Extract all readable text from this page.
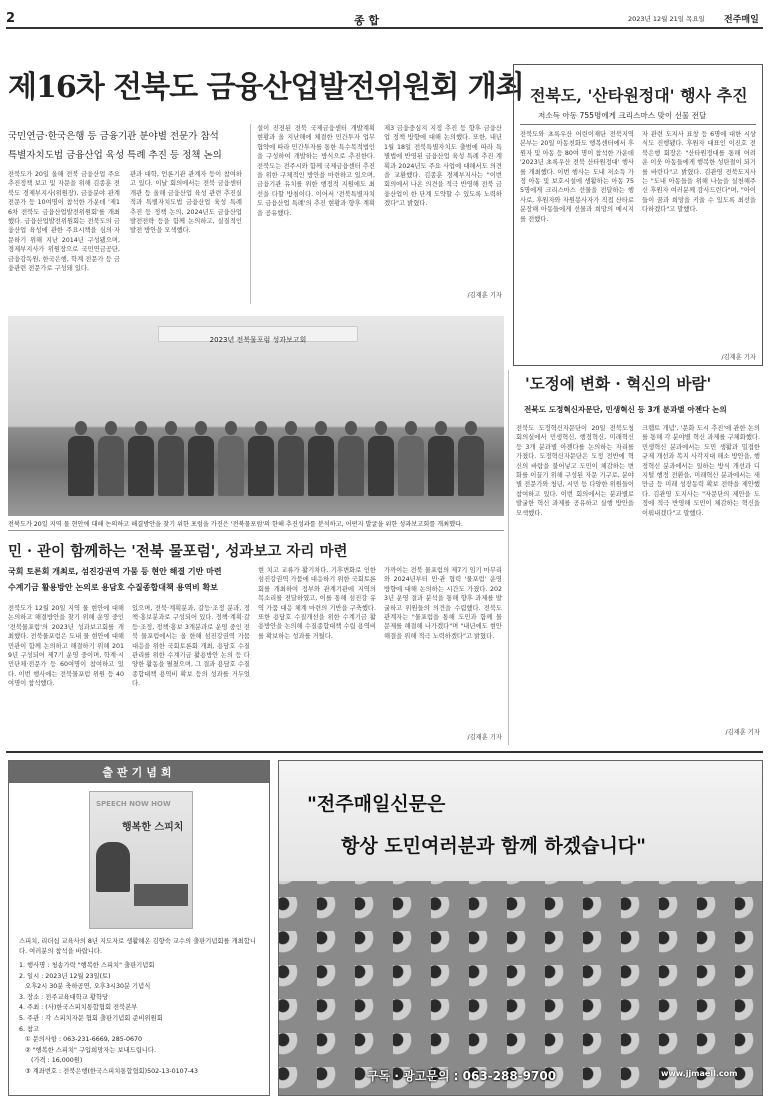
2	종 합	2023년 12월 21일 목요일 전주매일
제16차 전북도 금융산업발전위원회 개최
국민연금·한국은행 등 금융기관 분야별 전문가 참석
특별자치도법 금융산업 육성 특례 추진 등 정책 논의
전북도가 20일 올해 전북 금융산업 주요 추진정책 보고 및 자문을 위해 김종훈 전북도 경제부지사(위원장), 금융분야 관계 전문가 등 10여명이 참석한 가운데 '제16차 전북도 금융산업발전위원회'를 개최했다. 금융산업발전위원회는 전북도의 금융산업 육성에 관한 주요시책을 심의·자문하기 위해 지난 2014년 구성됐으며, 경제부지사가 위원장으로 국민연금공단, 금융감독원, 한국은행, 학계 전문가 등 금융관련 전문가로 구성돼 있다.
관과 대학, 언론기관 관계자 등이 참여하고 있다. 이날 회의에서는 전북 금융센터 개관 등 올해 금융산업 육성 관련 추진실적과 특별자치도법 금융산업 육성 특례 추진 등 정책 논의, 2024년도 금융산업 발전전략 등을 함께 논의하고, 실질적인 발전 방안을 모색했다.
설이 진전된 전북 국제금융센터 개발계획 현황과 올 지난해에 체결한 민간투자 업무협약에 따라 민간투자를 통한 특수목적법인을 구성하여 개발하는 방식으로 추진한다. 전북도는 전주시와 함께 국제금융센터 추진을 위한 구체적인 방안을 마련하고 있으며, 금융기관 유치를 위한 행정적 지원에도 최선을 다할 방침이다. 이어서 '전북특별자치도 금융산업 특례'의 추진 현황과 향후 계획을 공유했다.
제3 금융중심지 지정 추진 등 향후 금융산업 정책 방향에 대해 논의했다. 또한, 내년 1월 18일 전북특별자치도 출범에 따라 특별법에 반영된 금융산업 육성 특례 추진 계획과 2024년도 주요 사업에 대해서도 의견을 교환했다. 김종훈 경제부지사는 "이번 회의에서 나온 의견을 적극 반영해 전북 금융산업이 한 단계 도약할 수 있도록 노력하겠다"고 밝혔다.
/김재훈 기자
전북도, '산타원정대' 행사 추진
저소득 아동 755명에게 크리스마스 맞이 선물 전달
전북도와 초록우산 어린이재단 전북지역본부는 20일 아동친화도 행복센터에서 후원자 및 아동 등 80여 명이 참석한 가운데 '2023년 초록우산 전북 산타원정대' 행사를 개최했다. 이번 행사는 도내 저소득 가정 아동 및 보호시설에 생활하는 아동 755명에게 크리스마스 선물을 전달하는 행사로, 후원자와 자원봉사자가 직접 산타로 분장해 아동들에게 선물과 희망의 메시지를 전했다.
자 관련 도지사 표창 등 6명에 대한 시상식도 진행됐다. 후원자 대표인 이진호 전북은행 회장은 "산타원정대를 통해 어려운 이웃 아동들에게 행복한 성탄절이 되기를 바란다"고 밝혔다. 김관영 전북도지사는 "도내 아동들을 위해 나눔을 실천해주신 후원자 여러분께 감사드린다"며, "아이들이 꿈과 희망을 키울 수 있도록 최선을 다하겠다"고 말했다.
/김재훈 기자
2023년 전북물포럼 성과보고회
전북도가 20일 지역 물 현안에 대해 논의하고 해결방안을 찾기 위한 포럼을 가진은 '전북물포럼'의 한해 추진성과를 분석하고, 어떤지 발굴을 위한 성과보고회를 개최했다.
민 · 관이 함께하는 '전북 물포럼', 성과보고 자리 마련
국회 토론회 개최로, 섬진강권역 가뭄 등 현안 해결 기반 마련
수계기금 활용방안 논의로 용담호 수질종합대책 용역비 확보
전북도가 12월 20일 지역 물 현안에 대해 논의하고 해결방안을 찾기 위해 운영 중인 '전북물포럼'의 2023년 성과보고회를 개최했다. 전북물포럼은 도내 물 현안에 대해 민관이 함께 논의하고 해결하기 위해 2019년 구성되어 제7기 운영 중이며, 학계·시민단체·전문가 등 60여명이 참여하고 있다. 이번 행사에는 전북물포럼 위원 등 40여명이 참석했다.
있으며, 전북·계획분과, 갈등·조정 분과, 정책·홍보분과로 구성되어 있다. 정책·계획·갈등·조정, 정책·홍보 3개분과로 운영 중인 전북 물포럼에서는 올 한해 섬진강권역 가뭄 대응을 위한 국회토론회 개최, 용담호 수질관리를 위한 수계기금 활용방안 논의 등 다양한 활동을 펼쳤으며, 그 결과 용담호 수질종합대책 용역비 확보 등의 성과를 거두었다.
현 치고 교류가 활기차다. 기후변화로 인한 섬진강권역 가뭄에 대응하기 위한 국회토론회를 개최하여 정부와 관계기관에 지역의 목소리를 전달하였고, 이를 통해 섬진강 유역 가뭄 대응 체계 마련의 기반을 구축했다. 또한 용담호 수질개선을 위한 수계기금 활용방안을 논의해 수질종합대책 수립 용역비를 확보하는 성과를 거뒀다.
가까이는 전북 물포럼의 제7기 임기 마무리와 2024년부터 민·관 협력 '물포럼' 운영 방향에 대해 논의하는 시간도 가졌다. 2023년 운영 결과 분석을 통해 향후 과제를 발굴하고 위원들의 의견을 수렴했다. 전북도 관계자는 "물포럼을 통해 도민과 함께 물 문제를 해결해 나가겠다"며 "내년에도 현안 해결을 위해 적극 노력하겠다"고 밝혔다.
/김재훈 기자
'도정에 변화 · 혁신의 바람'
전북도 도정혁신자문단, 민생혁신 등 3개 분과별 아젠다 논의
전북도 도정혁신자문단이 20일 전북도청 회의실에서 민생혁신, 행정혁신, 미래혁신 등 3개 분과별 아젠다를 논의하는 자리를 가졌다. 도정혁신자문단은 도정 전반에 혁신의 바람을 불어넣고 도민이 체감하는 변화를 이끌기 위해 구성된 자문 기구로, 분야별 전문가와 청년, 시민 등 다양한 위원들이 참여하고 있다. 이번 회의에서는 분과별로 발굴한 혁신 과제를 공유하고 실행 방안을 모색했다.
크랩트 개념', '문화 도시 추진'에 관한 논의를 통해 각 분야별 혁신 과제를 구체화했다. 민생혁신 분과에서는 도민 생활과 밀접한 규제 개선과 복지 사각지대 해소 방안을, 행정혁신 분과에서는 일하는 방식 개선과 디지털 행정 전환을, 미래혁신 분과에서는 새만금 등 미래 성장동력 확보 전략을 제안했다. 김관영 도지사는 "자문단의 제안을 도정에 적극 반영해 도민이 체감하는 혁신을 이뤄내겠다"고 말했다.
/김재훈 기자
출판기념회
SPEECH NOW HOW
행복한 스피치
스피치, 리더십 교육사의 8년 지도자로 생활해온 김향숙 교수의 출판기념회를 개최합니다. 여러분의 참석을 바랍니다.
1. 행사명 : 청송가락 "행복한 스피치" 출판기념회
2. 일시 : 2023년 12월 23일(토)
오후2시 30분 축하공연, 오후3시30분 기념식
3. 장소 : 전주교육대학교 황학당
4. 주최 : (사)한국스피치통합협회 전북본부
5. 주관 : 각 스피치자문 협회 출판기념회 준비위원회
6. 참고
① 문의사항 : 063-231-6669, 285-0670
② "행복한 스피치" 구입희망자는 보내드립니다.
(가격 : 16,000원)
③ 계좌번호 : 전북은행(한국스피치통합협회)502-13-0107-43
"전주매일신문은
항상 도민여러분과 함께 하겠습니다"
구독 · 광고문의 : 063-288-9700	www.jjmaeil.com
